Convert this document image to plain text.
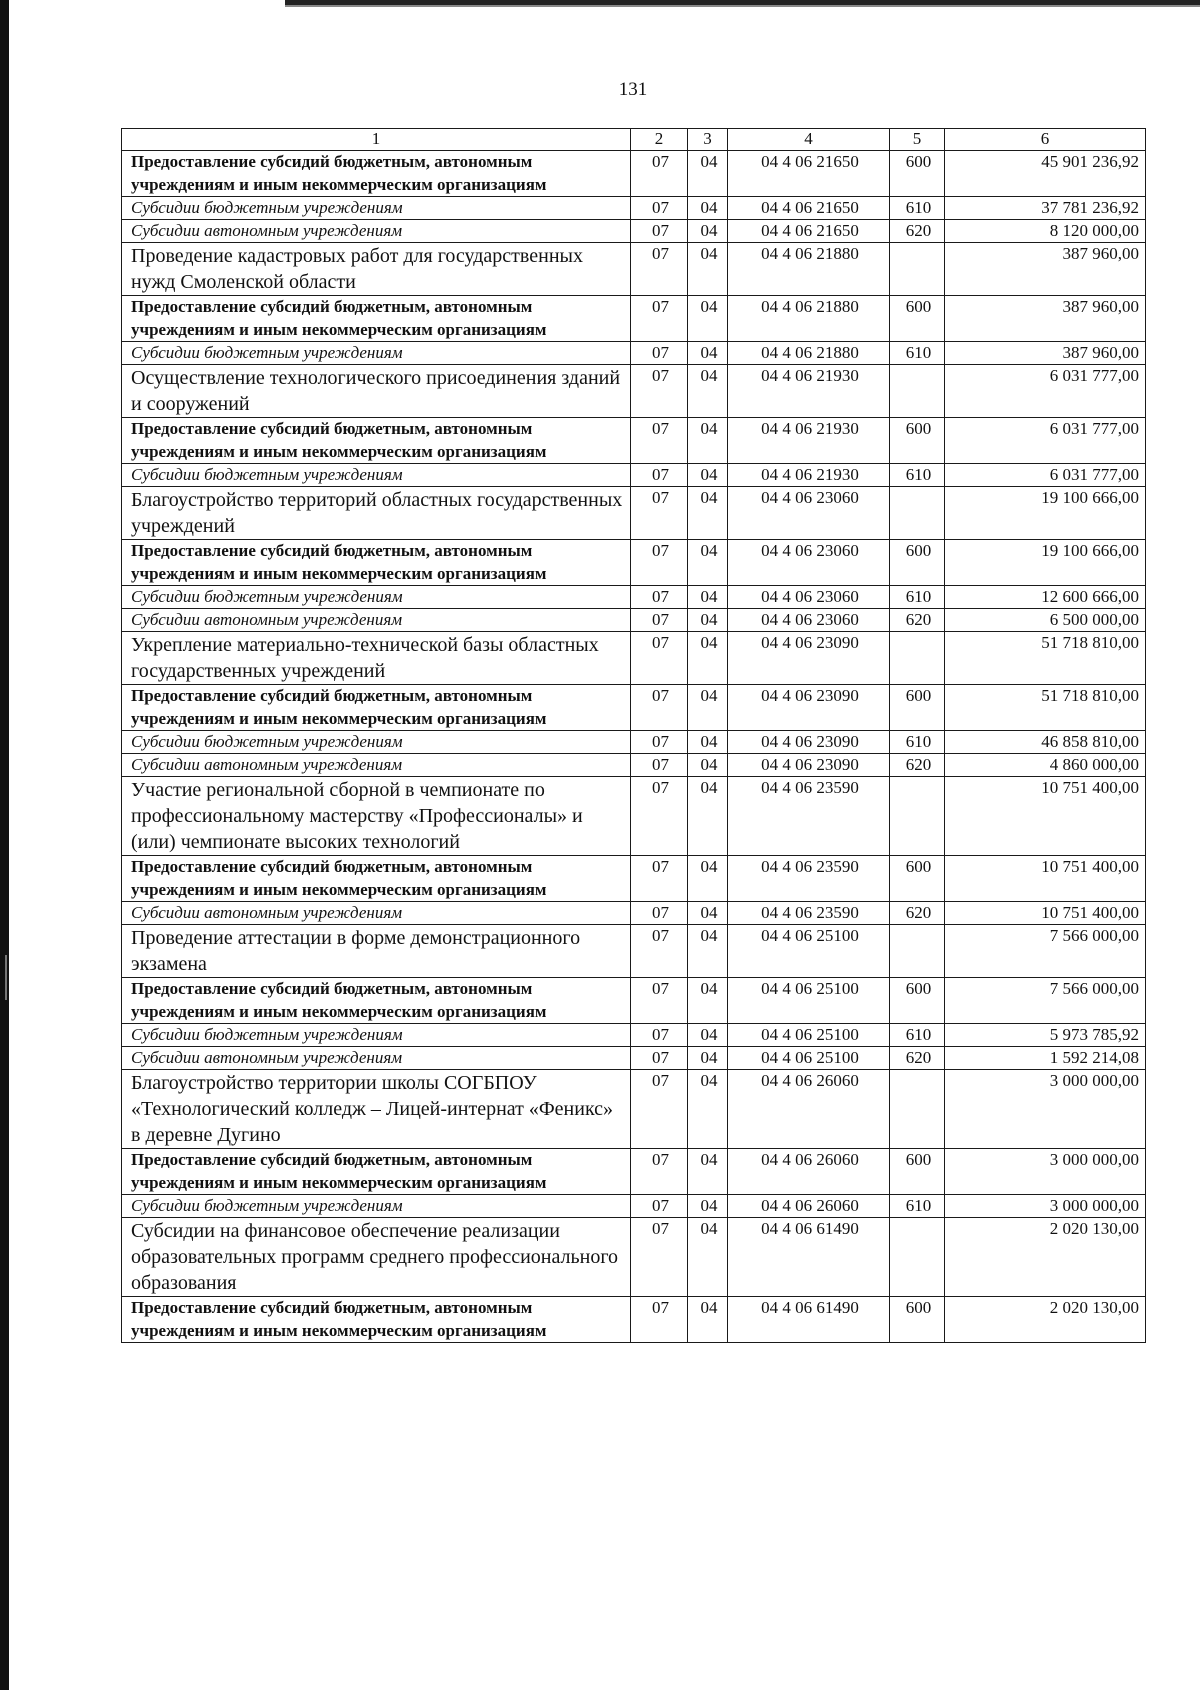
131
1	2	3	4	5	6
Предоставление субсидий бюджетным, автономным учреждениям и иным некоммерческим организациям	07	04	04 4 06 21650	600	45 901 236,92
Субсидии бюджетным учреждениям	07	04	04 4 06 21650	610	37 781 236,92
Субсидии автономным учреждениям	07	04	04 4 06 21650	620	8 120 000,00
Проведение кадастровых работ для государственных нужд Смоленской области	07	04	04 4 06 21880		387 960,00
Предоставление субсидий бюджетным, автономным учреждениям и иным некоммерческим организациям	07	04	04 4 06 21880	600	387 960,00
Субсидии бюджетным учреждениям	07	04	04 4 06 21880	610	387 960,00
Осуществление технологического присоединения зданий и сооружений	07	04	04 4 06 21930		6 031 777,00
Предоставление субсидий бюджетным, автономным учреждениям и иным некоммерческим организациям	07	04	04 4 06 21930	600	6 031 777,00
Субсидии бюджетным учреждениям	07	04	04 4 06 21930	610	6 031 777,00
Благоустройство территорий областных государственных учреждений	07	04	04 4 06 23060		19 100 666,00
Предоставление субсидий бюджетным, автономным учреждениям и иным некоммерческим организациям	07	04	04 4 06 23060	600	19 100 666,00
Субсидии бюджетным учреждениям	07	04	04 4 06 23060	610	12 600 666,00
Субсидии автономным учреждениям	07	04	04 4 06 23060	620	6 500 000,00
Укрепление материально-технической базы областных государственных учреждений	07	04	04 4 06 23090		51 718 810,00
Предоставление субсидий бюджетным, автономным учреждениям и иным некоммерческим организациям	07	04	04 4 06 23090	600	51 718 810,00
Субсидии бюджетным учреждениям	07	04	04 4 06 23090	610	46 858 810,00
Субсидии автономным учреждениям	07	04	04 4 06 23090	620	4 860 000,00
Участие региональной сборной в чемпионате по профессиональному мастерству «Профессионалы» и (или) чемпионате высоких технологий	07	04	04 4 06 23590		10 751 400,00
Предоставление субсидий бюджетным, автономным учреждениям и иным некоммерческим организациям	07	04	04 4 06 23590	600	10 751 400,00
Субсидии автономным учреждениям	07	04	04 4 06 23590	620	10 751 400,00
Проведение аттестации в форме демонстрационного экзамена	07	04	04 4 06 25100		7 566 000,00
Предоставление субсидий бюджетным, автономным учреждениям и иным некоммерческим организациям	07	04	04 4 06 25100	600	7 566 000,00
Субсидии бюджетным учреждениям	07	04	04 4 06 25100	610	5 973 785,92
Субсидии автономным учреждениям	07	04	04 4 06 25100	620	1 592 214,08
Благоустройство территории школы СОГБПОУ «Технологический колледж – Лицей-интернат «Феникс» в деревне Дугино	07	04	04 4 06 26060		3 000 000,00
Предоставление субсидий бюджетным, автономным учреждениям и иным некоммерческим организациям	07	04	04 4 06 26060	600	3 000 000,00
Субсидии бюджетным учреждениям	07	04	04 4 06 26060	610	3 000 000,00
Субсидии на финансовое обеспечение реализации образовательных программ среднего профессионального образования	07	04	04 4 06 61490		2 020 130,00
Предоставление субсидий бюджетным, автономным учреждениям и иным некоммерческим организациям	07	04	04 4 06 61490	600	2 020 130,00
